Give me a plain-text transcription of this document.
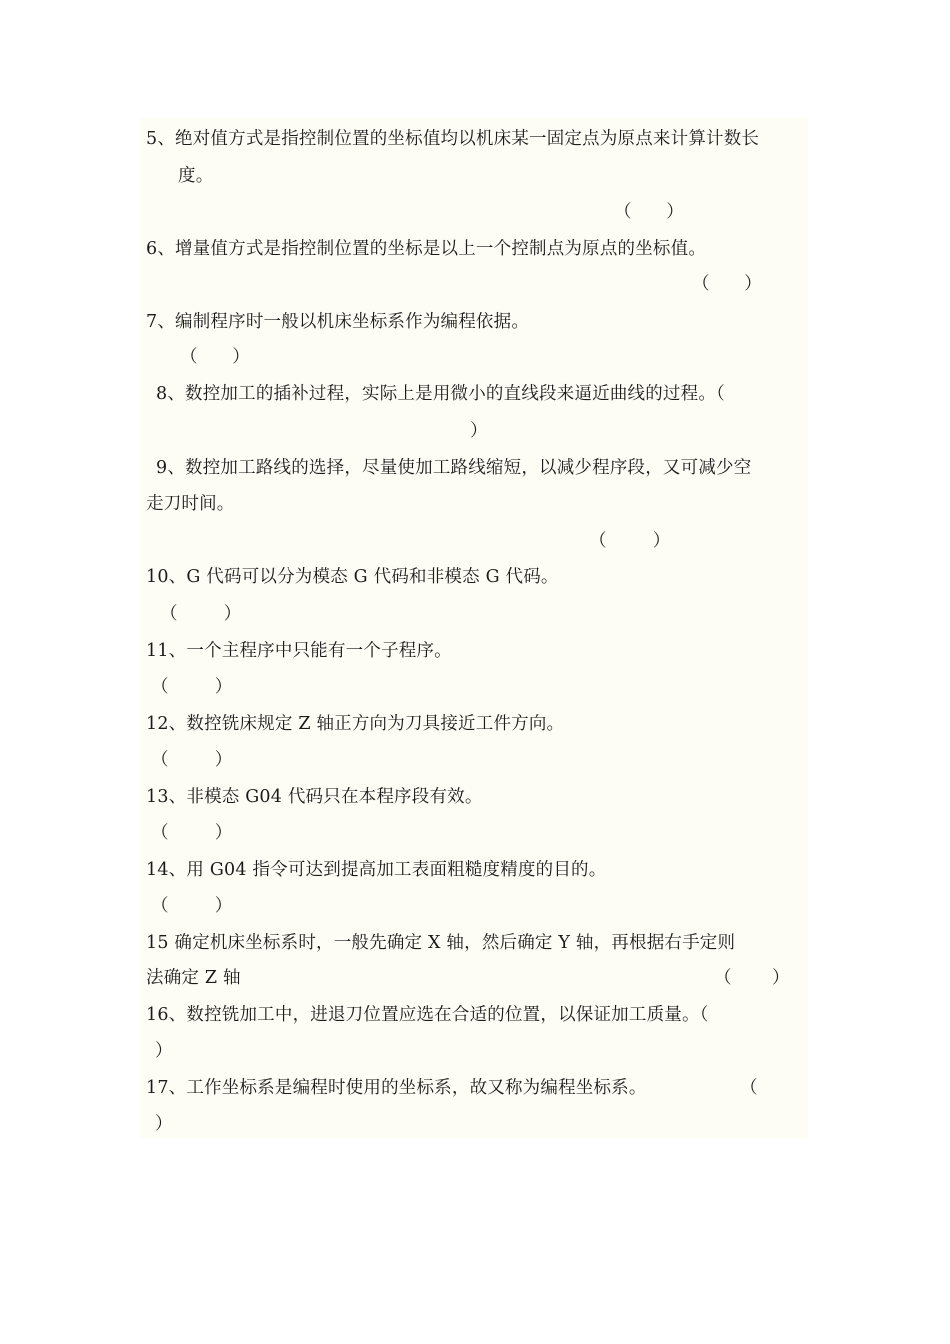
5、绝对值方式是指控制位置的坐标值均以机床某一固定点为原点来计算计数长
度。
（      ）
6、增量值方式是指控制位置的坐标是以上一个控制点为原点的坐标值。
（      ）
7、编制程序时一般以机床坐标系作为编程依据。
（      ）
8、数控加工的插补过程，实际上是用微小的直线段来逼近曲线的过程。（
）
9、数控加工路线的选择，尽量使加工路线缩短，以减少程序段，又可减少空
走刀时间。
（        ）
10、G 代码可以分为模态 G 代码和非模态 G 代码。
（        ）
11、一个主程序中只能有一个子程序。
（        ）
12、数控铣床规定 Z 轴正方向为刀具接近工件方向。
（        ）
13、非模态 G04 代码只在本程序段有效。
（        ）
14、用 G04 指令可达到提高加工表面粗糙度精度的目的。
（        ）
15 确定机床坐标系时，一般先确定 X 轴，然后确定 Y 轴，再根据右手定则
法确定 Z 轴	（       ）
16、数控铣加工中，进退刀位置应选在合适的位置，以保证加工质量。（
）
17、工作坐标系是编程时使用的坐标系，故又称为编程坐标系。	（
）
